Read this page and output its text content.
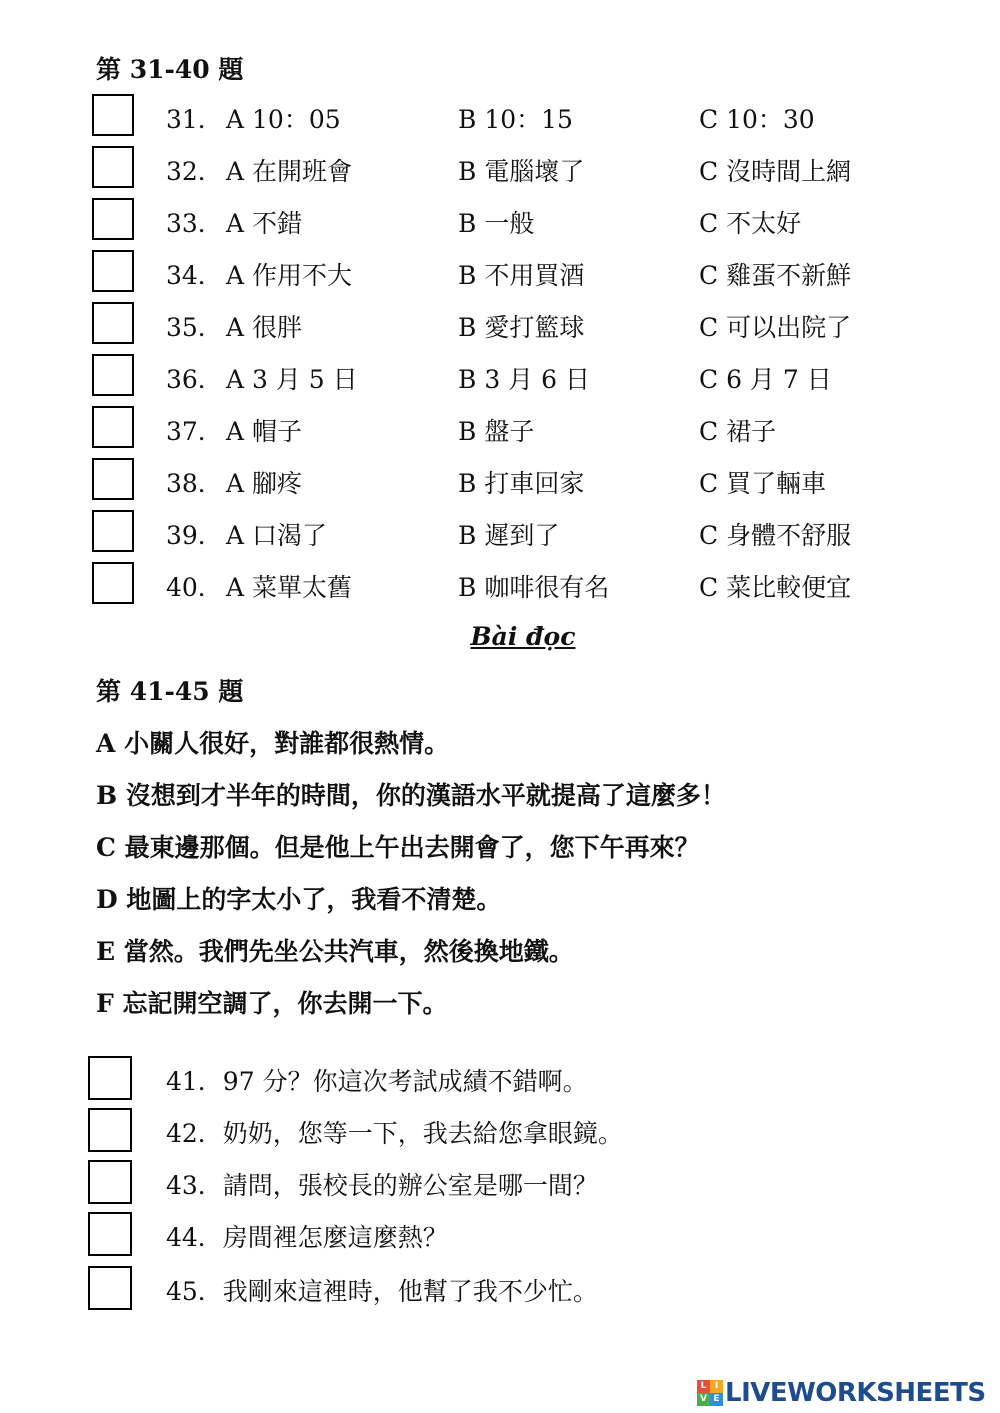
第 31-40 題
31． A 10：05	B 10：15	C 10：30
32． A 在開班會	B 電腦壞了	C 沒時間上網
33． A 不錯	B 一般	C 不太好
34． A 作用不大	B 不用買酒	C 雞蛋不新鮮
35． A 很胖	B 愛打籃球	C 可以出院了
36． A 3 月 5 日	B 3 月 6 日	C 6 月 7 日
37． A 帽子	B 盤子	C 裙子
38． A 腳疼	B 打車回家	C 買了輛車
39． A 口渴了	B 遲到了	C 身體不舒服
40． A 菜單太舊	B 咖啡很有名	C 菜比較便宜
Bài đọc
第 41-45 題
A 小關人很好，對誰都很熱情。
B 沒想到才半年的時間，你的漢語水平就提高了這麼多！
C 最東邊那個。但是他上午出去開會了，您下午再來？
D 地圖上的字太小了，我看不清楚。
E 當然。我們先坐公共汽車，然後換地鐵。
F 忘記開空調了，你去開一下。
41．97 分？你這次考試成績不錯啊。
42．奶奶，您等一下，我去給您拿眼鏡。
43．請問，張校長的辦公室是哪一間？
44．房間裡怎麼這麼熱？
45．我剛來這裡時，他幫了我不少忙。
L I
V E LIVEWORKSHEETS
